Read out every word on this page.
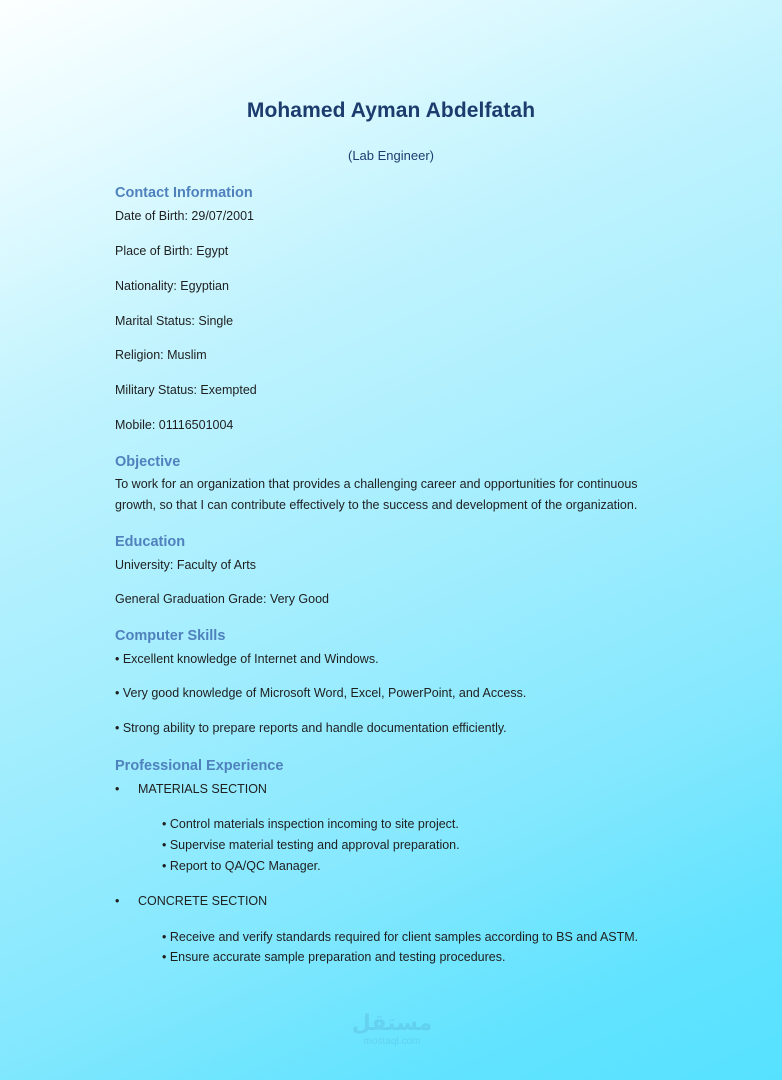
Mohamed Ayman Abdelfatah
(Lab Engineer)
Contact Information
Date of Birth: 29/07/2001
Place of Birth: Egypt
Nationality: Egyptian
Marital Status: Single
Religion: Muslim
Military Status: Exempted
Mobile: 01116501004
Objective
To work for an organization that provides a challenging career and opportunities for continuous growth, so that I can contribute effectively to the success and development of the organization.
Education
University: Faculty of Arts
General Graduation Grade: Very Good
Computer Skills
• Excellent knowledge of Internet and Windows.
• Very good knowledge of Microsoft Word, Excel, PowerPoint, and Access.
• Strong ability to prepare reports and handle documentation efficiently.
Professional Experience
• MATERIALS SECTION
• Control materials inspection incoming to site project.
• Supervise material testing and approval preparation.
• Report to QA/QC Manager.
• CONCRETE SECTION
• Receive and verify standards required for client samples according to BS and ASTM.
• Ensure accurate sample preparation and testing procedures.
مستقل
mostaql.com
